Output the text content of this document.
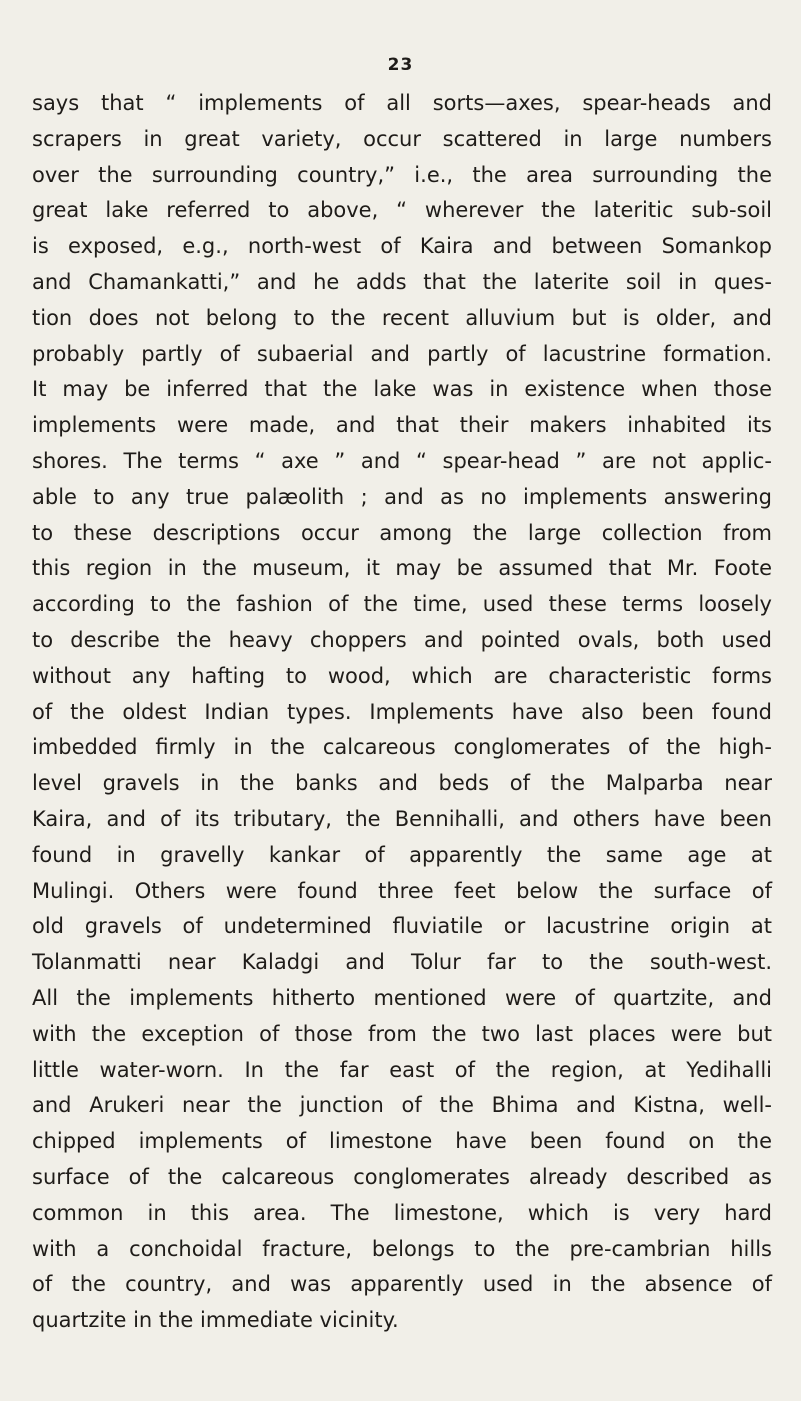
23
says that “ implements of all sorts—axes, spear-heads and
scrapers in great variety, occur scattered in large numbers
over the surrounding country,” i.e., the area surrounding the
great lake referred to above, “ wherever the lateritic sub-soil
is exposed, e.g., north-west of Kaira and between Somankop
and Chamankatti,” and he adds that the laterite soil in ques-
tion does not belong to the recent alluvium but is older, and
probably partly of subaerial and partly of lacustrine formation.
It may be inferred that the lake was in existence when those
implements were made, and that their makers inhabited its
shores. The terms “ axe ” and “ spear-head ” are not applic-
able to any true palæolith ; and as no implements answering
to these descriptions occur among the large collection from
this region in the museum, it may be assumed that Mr. Foote
according to the fashion of the time, used these terms loosely
to describe the heavy choppers and pointed ovals, both used
without any hafting to wood, which are characteristic forms
of the oldest Indian types. Implements have also been found
imbedded firmly in the calcareous conglomerates of the high-
level gravels in the banks and beds of the Malparba near
Kaira, and of its tributary, the Bennihalli, and others have been
found in gravelly kankar of apparently the same age at
Mulingi. Others were found three feet below the surface of
old gravels of undetermined fluviatile or lacustrine origin at
Tolanmatti near Kaladgi and Tolur far to the south-west.
All the implements hitherto mentioned were of quartzite, and
with the exception of those from the two last places were but
little water-worn. In the far east of the region, at Yedihalli
and Arukeri near the junction of the Bhima and Kistna, well-
chipped implements of limestone have been found on the
surface of the calcareous conglomerates already described as
common in this area. The limestone, which is very hard
with a conchoidal fracture, belongs to the pre-cambrian hills
of the country, and was apparently used in the absence of
quartzite in the immediate vicinity.
